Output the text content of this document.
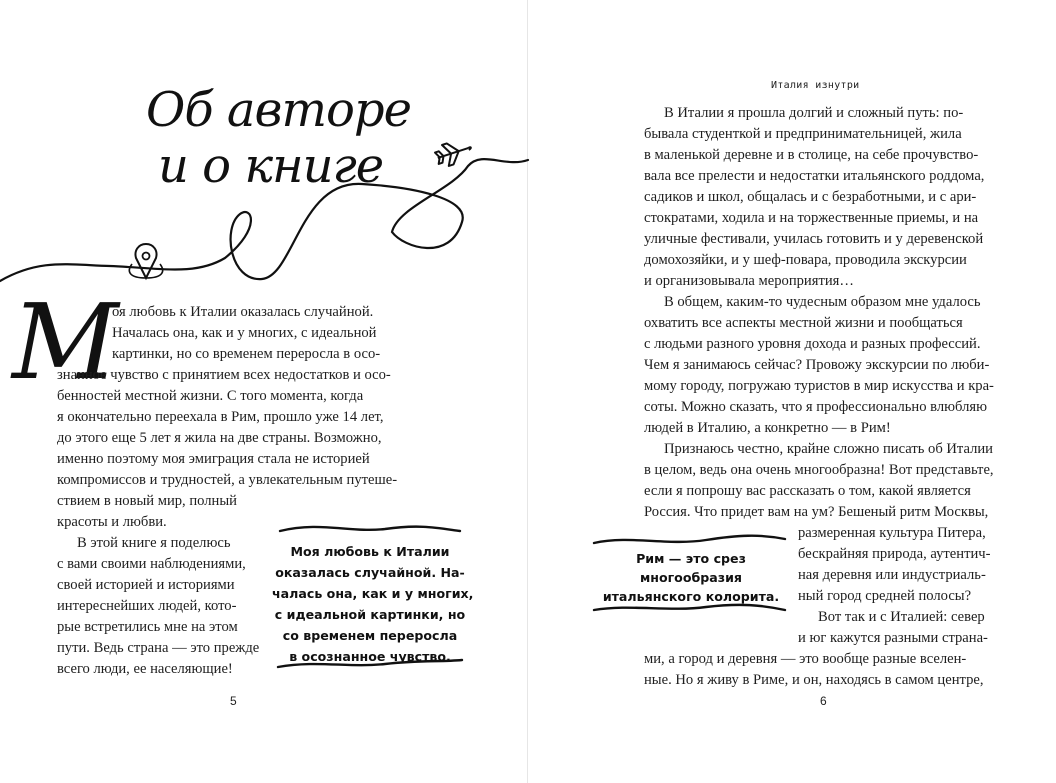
Об авторе
и о книге
М
оя любовь к Италии оказалась случайной.
Началась она, как и у многих, с идеальной
картинки, но со временем переросла в осо-
знанное чувство с принятием всех недостатков и осо-
бенностей местной жизни. С того момента, когда
я окончательно переехала в Рим, прошло уже 14 лет,
до этого еще 5 лет я жила на две страны. Возможно,
именно поэтому моя эмиграция стала не историей
компромиссов и трудностей, а увлекательным путеше-
ствием в новый мир, полный
красоты и любви.
В этой книге я поделюсь
с вами своими наблюдениями,
своей историей и историями
интереснейших людей, кото-
рые встретились мне на этом
пути. Ведь страна — это прежде
всего люди, ее населяющие!
Моя любовь к Италии
оказалась случайной. На-
чалась она, как и у многих,
с идеальной картинки, но
со временем переросла
в осознанное чувство.
5
Италия изнутри
В Италии я прошла долгий и сложный путь: по-
бывала студенткой и предпринимательницей, жила
в маленькой деревне и в столице, на себе прочувство-
вала все прелести и недостатки итальянского роддома,
садиков и школ, общалась и с безработными, и с ари-
стократами, ходила и на торжественные приемы, и на
уличные фестивали, училась готовить и у деревенской
домохозяйки, и у шеф-повара, проводила экскурсии
и организовывала мероприятия…
В общем, каким-то чудесным образом мне удалось
охватить все аспекты местной жизни и пообщаться
с людьми разного уровня дохода и разных профессий.
Чем я занимаюсь сейчас? Провожу экскурсии по люби-
мому городу, погружаю туристов в мир искусства и кра-
соты. Можно сказать, что я профессионально влюбляю
людей в Италию, а конкретно — в Рим!
Признаюсь честно, крайне сложно писать об Италии
в целом, ведь она очень многообразна! Вот представьте,
если я попрошу вас рассказать о том, какой является
Россия. Что придет вам на ум? Бешеный ритм Москвы,
размеренная культура Питера,
бескрайняя природа, аутентич-
ная деревня или индустриаль-
ный город средней полосы?
Вот так и с Италией: север
и юг кажутся разными страна-
ми, а город и деревня — это вообще разные вселен-
ные. Но я живу в Риме, и он, находясь в самом центре,
Рим — это срез
многообразия
итальянского колорита.
6
